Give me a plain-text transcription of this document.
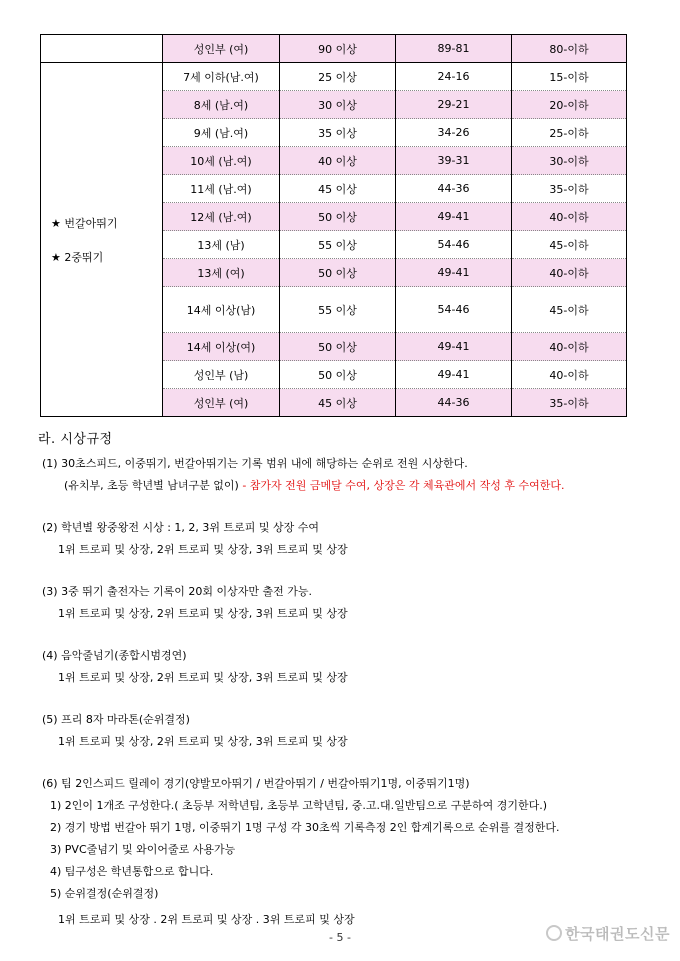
	성인부 (여)	90 이상	89-81	80-이하

★ 번갈아뛰기
★ 2중뛰기	7세 이하(남.여)	25 이상	24-16	15-이하
	8세 (남.여)	30 이상	29-21	20-이하
	9세 (남.여)	35 이상	34-26	25-이하
	10세 (남.여)	40 이상	39-31	30-이하
	11세 (남.여)	45 이상	44-36	35-이하
	12세 (남.여)	50 이상	49-41	40-이하
	13세 (남)	55 이상	54-46	45-이하
	13세 (여)	50 이상	49-41	40-이하
	14세 이상(남)	55 이상	54-46	45-이하
	14세 이상(여)	50 이상	49-41	40-이하
	성인부 (남)	50 이상	49-41	40-이하
	성인부 (여)	45 이상	44-36	35-이하
라. 시상규정
(1) 30초스피드, 이중뛰기, 번갈아뛰기는 기록 범위 내에 해당하는 순위로 전원 시상한다.
(유치부, 초등 학년별 남녀구분 없이) - 참가자 전원 금메달 수여, 상장은 각 체육관에서 작성 후 수여한다.
(2) 학년별 왕중왕전 시상 : 1, 2, 3위 트로피 및 상장 수여
1위 트로피 및 상장, 2위 트로피 및 상장, 3위 트로피 및 상장
(3) 3중 뛰기 출전자는 기록이 20회 이상자만 출전 가능.
1위 트로피 및 상장, 2위 트로피 및 상장, 3위 트로피 및 상장
(4) 음악줄넘기(종합시범경연)
1위 트로피 및 상장, 2위 트로피 및 상장, 3위 트로피 및 상장
(5) 프리 8자 마라톤(순위결정)
1위 트로피 및 상장, 2위 트로피 및 상장, 3위 트로피 및 상장
(6) 팀 2인스피드 릴레이 경기(양발모아뛰기 / 번갈아뛰기 / 번갈아뛰기1명, 이중뛰기1명)
1) 2인이 1개조 구성한다.( 초등부 저학년팀, 초등부 고학년팀, 중.고.대.일반팀으로 구분하여 경기한다.)
2) 경기 방법 번갈아 뛰기 1명, 이중뛰기 1명 구성 각 30초씩 기록측정 2인 합계기록으로 순위를 결정한다.
3) PVC줄넘기 및 와이어줄로 사용가능
4) 팀구성은 학년통합으로 합니다.
5) 순위결정(순위결정)
1위 트로피 및 상장 . 2위 트로피 및 상장 . 3위 트로피 및 상장
- 5 -	한국태권도신문
